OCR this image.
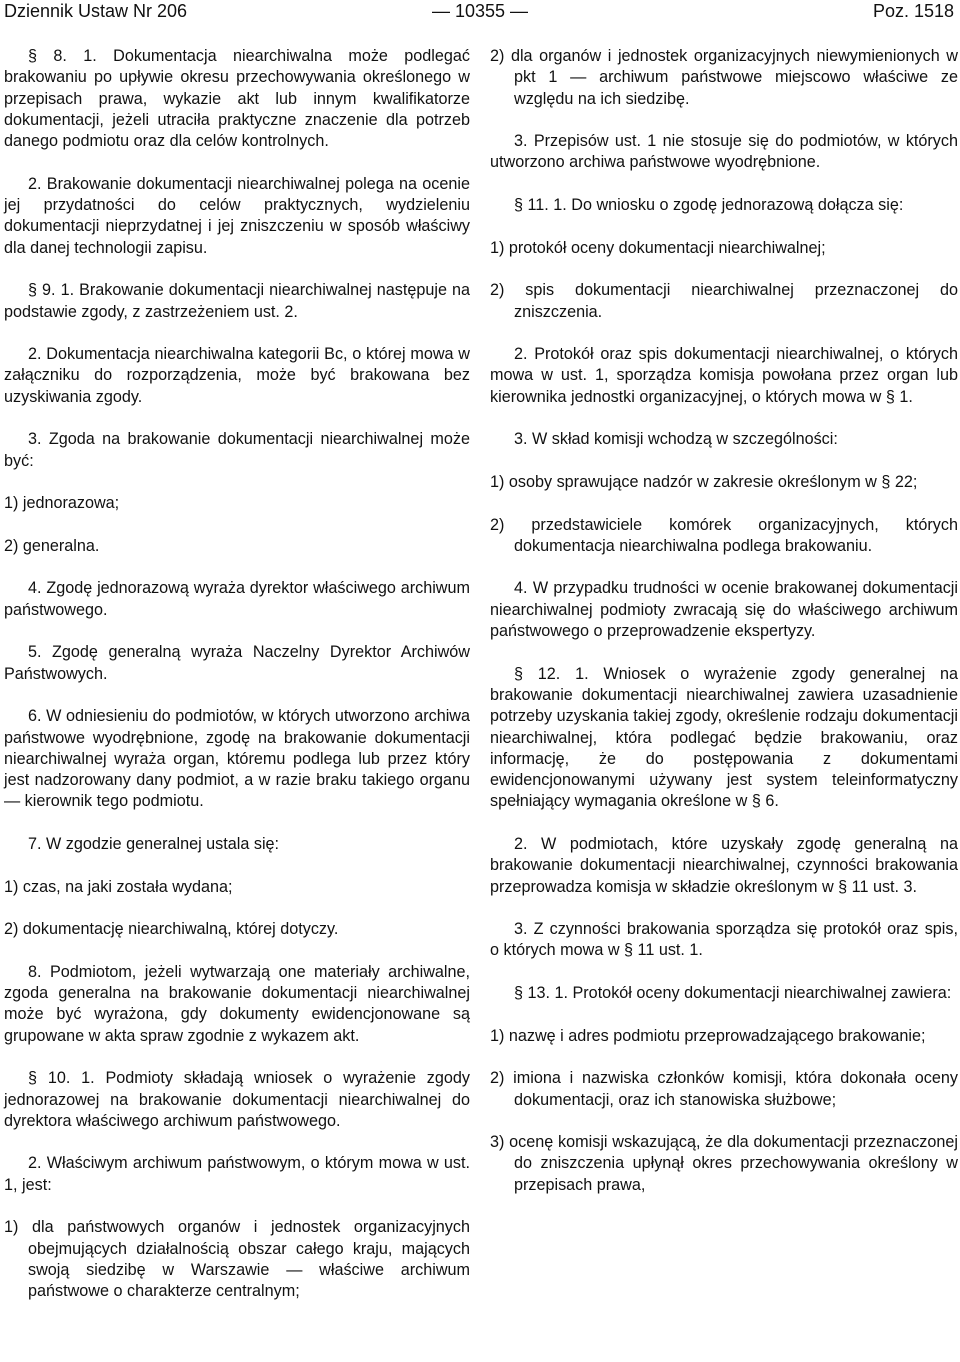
Dziennik Ustaw Nr 206	— 10355 —	Poz. 1518

§ 8. 1. Dokumentacja niearchiwalna może podlegać brakowaniu po upływie okresu przechowywania określonego w przepisach prawa, wykazie akt lub innym kwalifikatorze dokumentacji, jeżeli utraciła praktyczne znaczenie dla potrzeb danego podmiotu oraz dla celów kontrolnych.

2. Brakowanie dokumentacji niearchiwalnej polega na ocenie jej przydatności do celów praktycznych, wydzieleniu dokumentacji nieprzydatnej i jej zniszczeniu w sposób właściwy dla danej technologii zapisu.

§ 9. 1. Brakowanie dokumentacji niearchiwalnej następuje na podstawie zgody, z zastrzeżeniem ust. 2.

2. Dokumentacja niearchiwalna kategorii Bc, o której mowa w załączniku do rozporządzenia, może być brakowana bez uzyskiwania zgody.

3. Zgoda na brakowanie dokumentacji niearchiwalnej może być:

1) jednorazowa;

2) generalna.

4. Zgodę jednorazową wyraża dyrektor właściwego archiwum państwowego.

5. Zgodę generalną wyraża Naczelny Dyrektor Archiwów Państwowych.

6. W odniesieniu do podmiotów, w których utworzono archiwa państwowe wyodrębnione, zgodę na brakowanie dokumentacji niearchiwalnej wyraża organ, któremu podlega lub przez który jest nadzorowany dany podmiot, a w razie braku takiego organu — kierownik tego podmiotu.

7. W zgodzie generalnej ustala się:

1) czas, na jaki została wydana;

2) dokumentację niearchiwalną, której dotyczy.

8. Podmiotom, jeżeli wytwarzają one materiały archiwalne, zgoda generalna na brakowanie dokumentacji niearchiwalnej może być wyrażona, gdy dokumenty ewidencjonowane są grupowane w akta spraw zgodnie z wykazem akt.

§ 10. 1. Podmioty składają wniosek o wyrażenie zgody jednorazowej na brakowanie dokumentacji niearchiwalnej do dyrektora właściwego archiwum państwowego.

2. Właściwym archiwum państwowym, o którym mowa w ust. 1, jest:

1) dla państwowych organów i jednostek organizacyjnych obejmujących działalnością obszar całego kraju, mających swoją siedzibę w Warszawie — właściwe archiwum państwowe o charakterze centralnym;

2) dla organów i jednostek organizacyjnych niewymienionych w pkt 1 — archiwum państwowe miejscowo właściwe ze względu na ich siedzibę.

3. Przepisów ust. 1 nie stosuje się do podmiotów, w których utworzono archiwa państwowe wyodrębnione.

§ 11. 1. Do wniosku o zgodę jednorazową dołącza się:

1) protokół oceny dokumentacji niearchiwalnej;

2) spis dokumentacji niearchiwalnej przeznaczonej do zniszczenia.

2. Protokół oraz spis dokumentacji niearchiwalnej, o których mowa w ust. 1, sporządza komisja powołana przez organ lub kierownika jednostki organizacyjnej, o których mowa w § 1.

3. W skład komisji wchodzą w szczególności:

1) osoby sprawujące nadzór w zakresie określonym w § 22;

2) przedstawiciele komórek organizacyjnych, których dokumentacja niearchiwalna podlega brakowaniu.

4. W przypadku trudności w ocenie brakowanej dokumentacji niearchiwalnej podmioty zwracają się do właściwego archiwum państwowego o przeprowadzenie ekspertyzy.

§ 12. 1. Wniosek o wyrażenie zgody generalnej na brakowanie dokumentacji niearchiwalnej zawiera uzasadnienie potrzeby uzyskania takiej zgody, określenie rodzaju dokumentacji niearchiwalnej, która podlegać będzie brakowaniu, oraz informację, że do postępowania z dokumentami ewidencjonowanymi używany jest system teleinformatyczny spełniający wymagania określone w § 6.

2. W podmiotach, które uzyskały zgodę generalną na brakowanie dokumentacji niearchiwalnej, czynności brakowania przeprowadza komisja w składzie określonym w § 11 ust. 3.

3. Z czynności brakowania sporządza się protokół oraz spis, o których mowa w § 11 ust. 1.

§ 13. 1. Protokół oceny dokumentacji niearchiwalnej zawiera:

1) nazwę i adres podmiotu przeprowadzającego brakowanie;

2) imiona i nazwiska członków komisji, która dokonała oceny dokumentacji, oraz ich stanowiska służbowe;

3) ocenę komisji wskazującą, że dla dokumentacji przeznaczonej do zniszczenia upłynął okres przechowywania określony w przepisach prawa,
